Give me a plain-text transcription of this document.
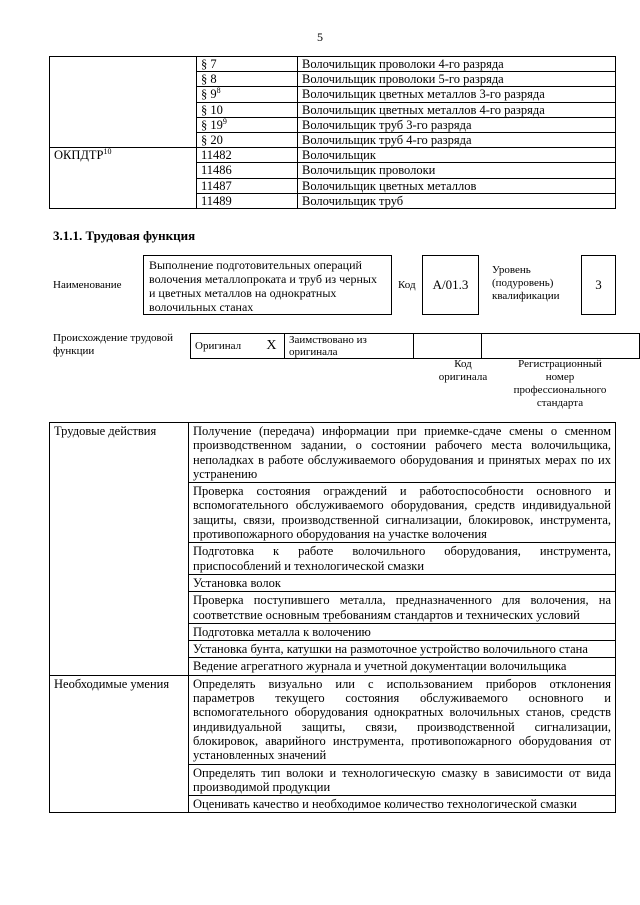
5
	§ 7	Волочильщик проволоки 4-го разряда
	§ 8	Волочильщик проволоки 5-го разряда
	§ $9^8$	Волочильщик цветных металлов 3-го разряда
	§ 10	Волочильщик цветных металлов 4-го разряда
	§ $19^9$	Волочильщик труб 3-го разряда
	§ 20	Волочильщик труб 4-го разряда
ОКПДТР$^{10}$	11482	Волочильщик
	11486	Волочильщик проволоки
	11487	Волочильщик цветных металлов
	11489	Волочильщик труб
3.1.1. Трудовая функция
Наименование
Выполнение подготовительных операций волочения металлопроката и труб из черных и цветных металлов на однократных волочильных станах
Код А/01.3
Уровень (подуровень) квалификации
3
Происхождение трудовой функции	Оригинал	X	Заимствовано из оригинала		
Код оригинала
Регистрационный номер профессионального стандарта
Трудовые действия	Получение (передача) информации при приемке-сдаче смены о сменном производственном задании, о состоянии рабочего места волочильщика, неполадках в работе обслуживаемого оборудования и принятых мерах по их устранению
	Проверка состояния ограждений и работоспособности основного и вспомогательного обслуживаемого оборудования, средств индивидуальной защиты, связи, производственной сигнализации, блокировок, инструмента, противопожарного оборудования на участке волочения
	Подготовка к работе волочильного оборудования, инструмента, приспособлений и технологической смазки
	Установка волок
	Проверка поступившего металла, предназначенного для волочения, на соответствие основным требованиям стандартов и технических условий
	Подготовка металла к волочению
	Установка бунта, катушки на размоточное устройство волочильного стана
	Ведение агрегатного журнала и учетной документации волочильщика
Необходимые умения	Определять визуально или с использованием приборов отклонения параметров текущего состояния обслуживаемого основного и вспомогательного оборудования однократных волочильных станов, средств индивидуальной защиты, связи, производственной сигнализации, блокировок, аварийного инструмента, противопожарного оборудования от установленных значений
	Определять тип волоки и технологическую смазку в зависимости от вида производимой продукции
	Оценивать качество и необходимое количество технологической смазки
